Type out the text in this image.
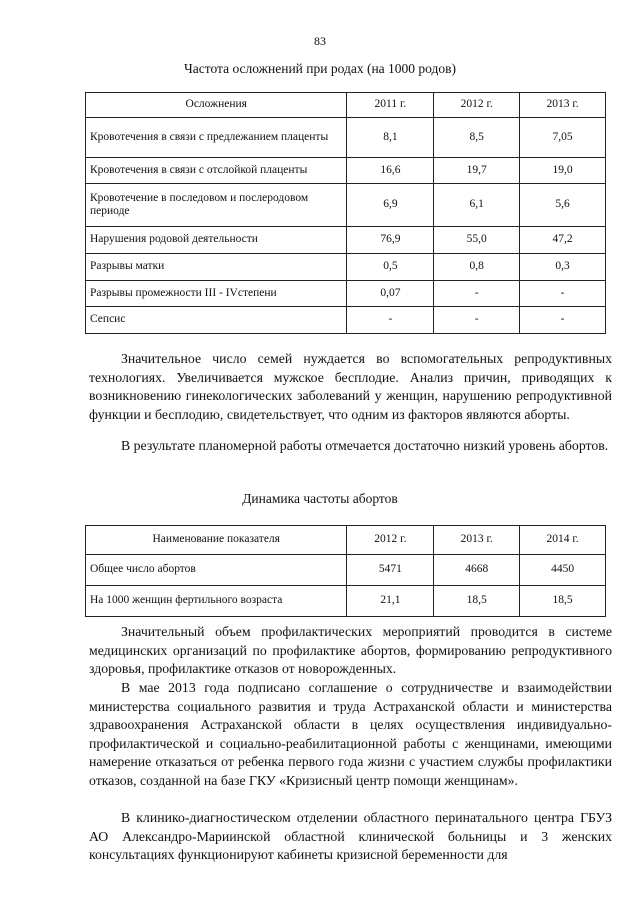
83
Частота осложнений при родах (на 1000 родов)
Осложнения	2011 г.	2012 г.	2013 г.
Кровотечения в связи с предлежанием плаценты	8,1	8,5	7,05
Кровотечения в связи с отслойкой плаценты	16,6	19,7	19,0
Кровотечение в последовом и послеродовом периоде	6,9	6,1	5,6
Нарушения родовой деятельности	76,9	55,0	47,2
Разрывы матки	0,5	0,8	0,3
Разрывы промежности III - IVстепени	0,07	-	-
Сепсис	-	-	-

Значительное число семей нуждается во вспомогательных репродуктивных технологиях. Увеличивается мужское бесплодие. Анализ причин, приводящих к возникновению гинекологических заболеваний у женщин, нарушению репродуктивной функции и бесплодию, свидетельствует, что одним из факторов являются аборты.

В результате планомерной работы отмечается достаточно низкий уровень абортов.

Динамика частоты абортов
Наименование показателя	2012 г.	2013 г.	2014 г.
Общее число абортов	5471	4668	4450
На 1000 женщин фертильного возраста	21,1	18,5	18,5

Значительный объем профилактических мероприятий проводится в системе медицинских организаций по профилактике абортов, формированию репродуктивного здоровья, профилактике отказов от новорожденных.

В мае 2013 года подписано соглашение о сотрудничестве и взаимодействии министерства социального развития и труда Астраханской области и министерства здравоохранения Астраханской области в целях осуществления индивидуально-профилактической и социально-реабилитационной работы с женщинами, имеющими намерение отказаться от ребенка первого года жизни с участием службы профилактики отказов, созданной на базе ГКУ «Кризисный центр помощи женщинам».

В клинико-диагностическом отделении областного перинатального центра ГБУЗ АО Александро-Мариинской областной клинической больницы и 3 женских консультациях функционируют кабинеты кризисной беременности для
